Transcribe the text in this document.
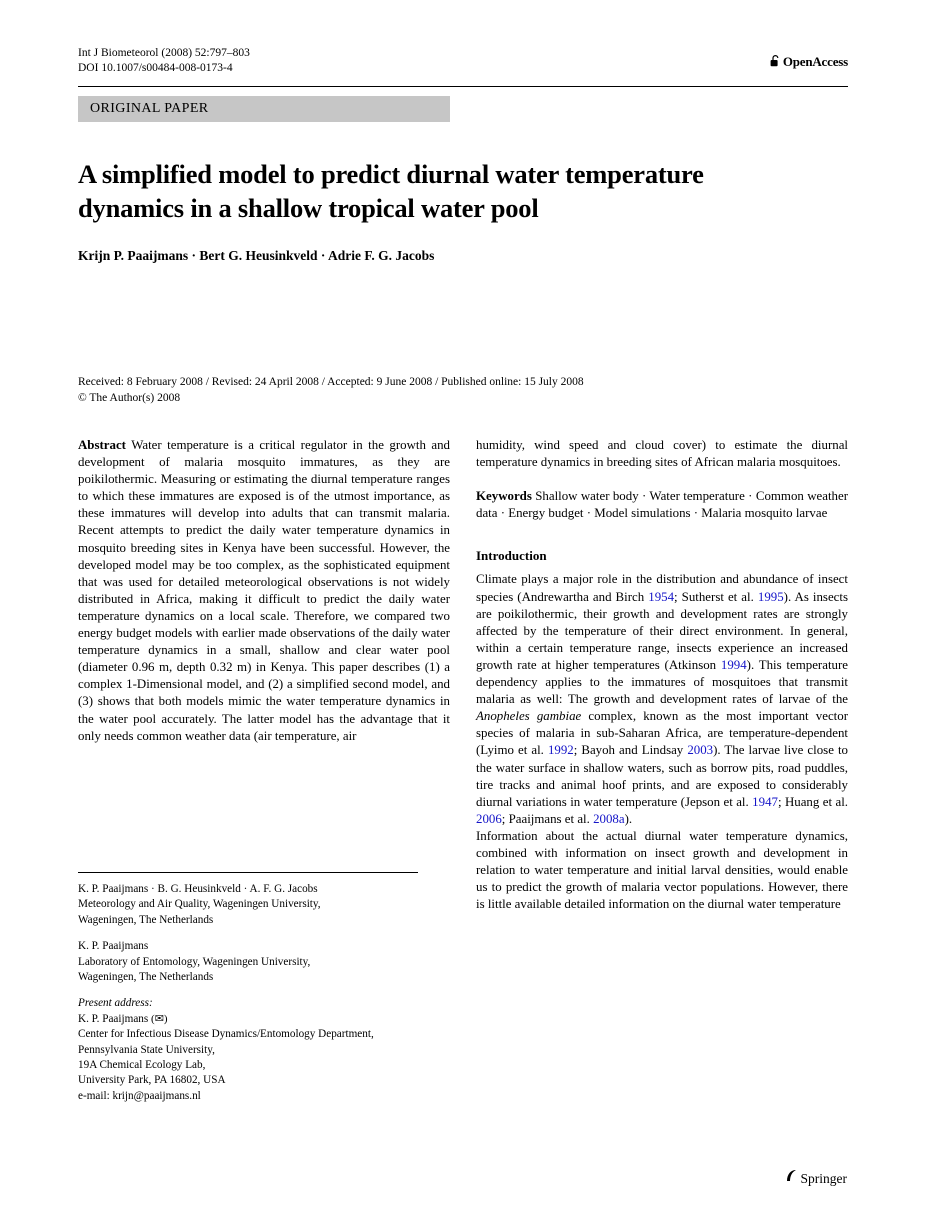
Int J Biometeorol (2008) 52:797–803
DOI 10.1007/s00484-008-0173-4	OpenAccess
ORIGINAL PAPER
A simplified model to predict diurnal water temperature dynamics in a shallow tropical water pool
Krijn P. Paaijmans · Bert G. Heusinkveld · Adrie F. G. Jacobs
Received: 8 February 2008 / Revised: 24 April 2008 / Accepted: 9 June 2008 / Published online: 15 July 2008
© The Author(s) 2008

Abstract Water temperature is a critical regulator in the growth and development of malaria mosquito immatures, as they are poikilothermic. Measuring or estimating the diurnal temperature ranges to which these immatures are exposed is of the utmost importance, as these immatures will develop into adults that can transmit malaria. Recent attempts to predict the daily water temperature dynamics in mosquito breeding sites in Kenya have been successful. However, the developed model may be too complex, as the sophisticated equipment that was used for detailed meteorological observations is not widely distributed in Africa, making it difficult to predict the daily water temperature dynamics on a local scale. Therefore, we compared two energy budget models with earlier made observations of the daily water temperature dynamics in a small, shallow and clear water pool (diameter 0.96 m, depth 0.32 m) in Kenya. This paper describes (1) a complex 1-Dimensional model, and (2) a simplified second model, and (3) shows that both models mimic the water temperature dynamics in the water pool accurately. The latter model has the advantage that it only needs common weather data (air temperature, air

humidity, wind speed and cloud cover) to estimate the diurnal temperature dynamics in breeding sites of African malaria mosquitoes.

Keywords Shallow water body · Water temperature · Common weather data · Energy budget · Model simulations · Malaria mosquito larvae

Introduction

Climate plays a major role in the distribution and abundance of insect species (Andrewartha and Birch 1954; Sutherst et al. 1995). As insects are poikilothermic, their growth and development rates are strongly affected by the temperature of their direct environment. In general, within a certain temperature range, insects experience an increased growth rate at higher temperatures (Atkinson 1994). This temperature dependency applies to the immatures of mosquitoes that transmit malaria as well: The growth and development rates of larvae of the Anopheles gambiae complex, known as the most important vector species of malaria in sub-Saharan Africa, are temperature-dependent (Lyimo et al. 1992; Bayoh and Lindsay 2003). The larvae live close to the water surface in shallow waters, such as borrow pits, road puddles, tire tracks and animal hoof prints, and are exposed to considerably diurnal variations in water temperature (Jepson et al. 1947; Huang et al. 2006; Paaijmans et al. 2008a).

Information about the actual diurnal water temperature dynamics, combined with information on insect growth and development in relation to water temperature and initial larval densities, would enable us to predict the growth of malaria vector populations. However, there is little available detailed information on the diurnal water temperature

K. P. Paaijmans · B. G. Heusinkveld · A. F. G. Jacobs
Meteorology and Air Quality, Wageningen University,
Wageningen, The Netherlands
K. P. Paaijmans
Laboratory of Entomology, Wageningen University,
Wageningen, The Netherlands
Present address:
K. P. Paaijmans (✉)
Center for Infectious Disease Dynamics/Entomology Department,
Pennsylvania State University,
19A Chemical Ecology Lab,
University Park, PA 16802, USA
e-mail: krijn@paaijmans.nl
Springer
